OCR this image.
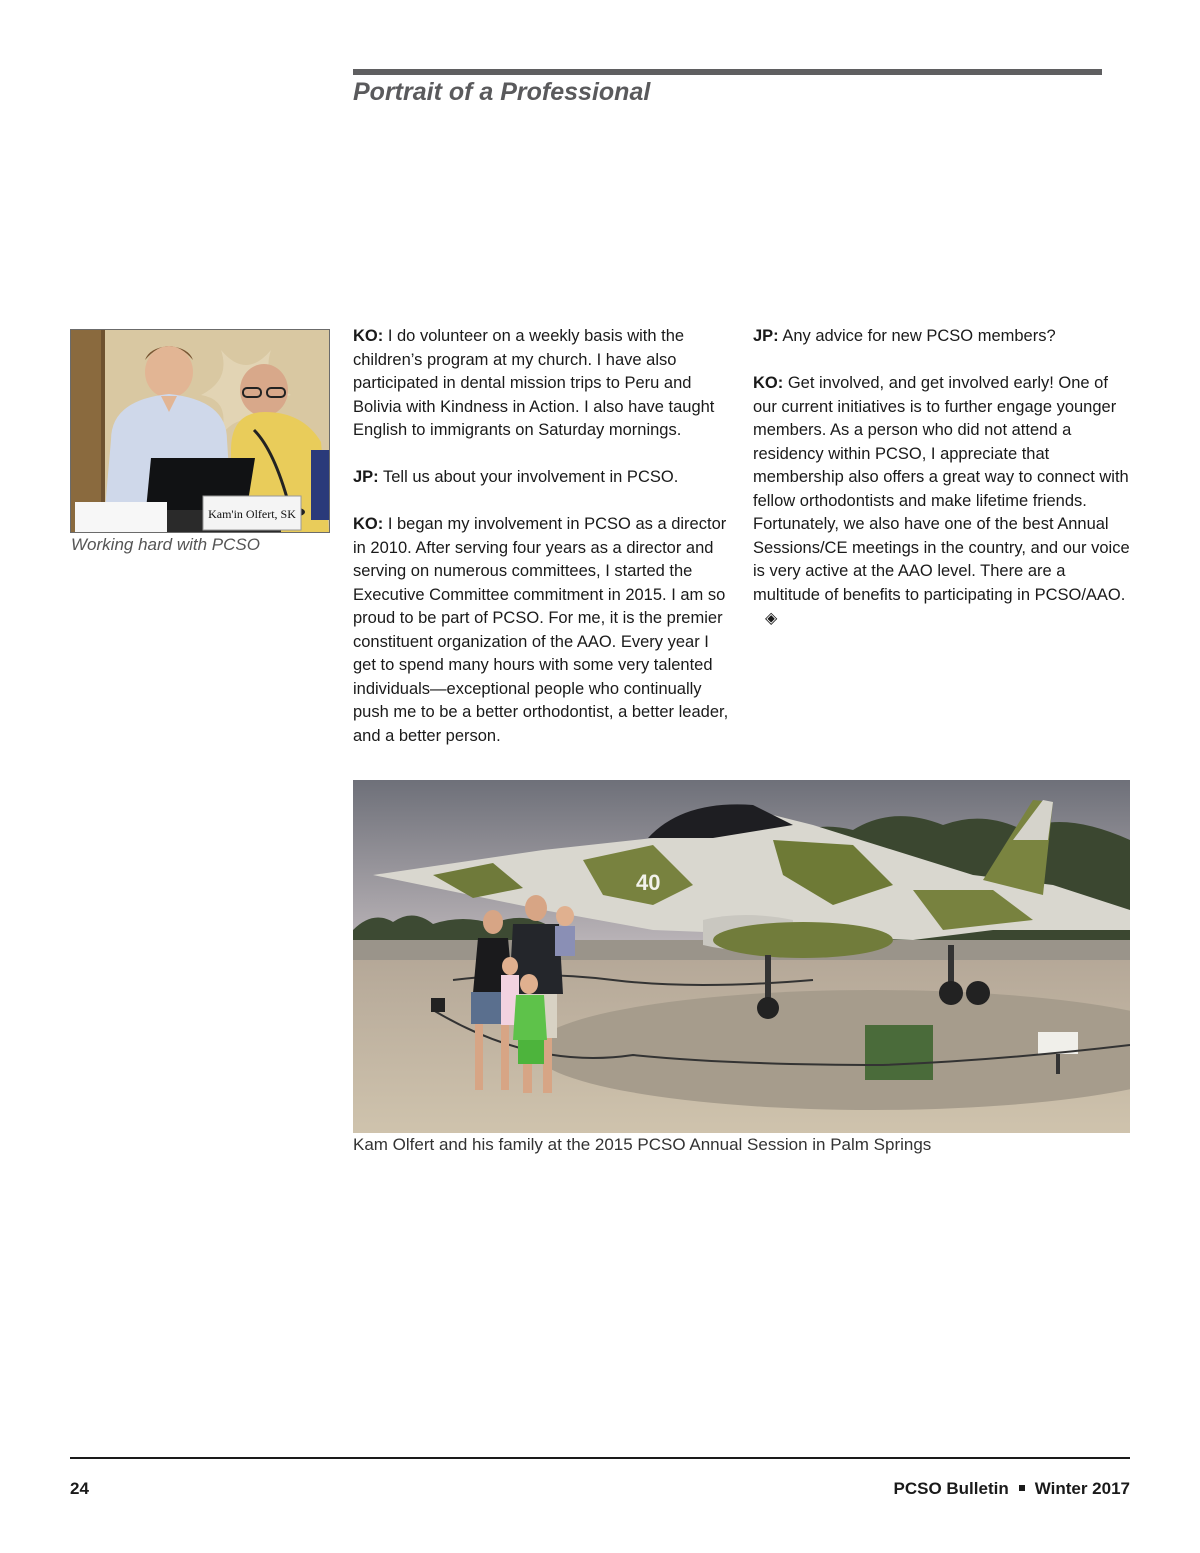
Portrait of a Professional
Kam'in Olfert, SK
Working hard with PCSO

KO: I do volunteer on a weekly basis with the children’s program at my church. I have also participated in dental mission trips to Peru and Bolivia with Kindness in Action. I also have taught English to immigrants on Saturday mornings.

JP: Tell us about your involvement in PCSO.

KO: I began my involvement in PCSO as a director in 2010. After serving four years as a director and serving on numerous committees, I started the Executive Committee commitment in 2015. I am so proud to be part of PCSO. For me, it is the premier constituent organization of the AAO. Every year I get to spend many hours with some very talented individuals—exceptional people who continually push me to be a better orthodontist, a better leader, and a better person.

JP: Any advice for new PCSO members?

KO: Get involved, and get involved early! One of our current initiatives is to further engage younger members. As a person who did not attend a residency within PCSO, I appreciate that membership also offers a great way to connect with fellow orthodontists and make lifetime friends. Fortunately, we also have one of the best Annual Sessions/CE meetings in the country, and our voice is very active at the AAO level. There are a multitude of benefits to participating in PCSO/AAO.◈

40
Kam Olfert and his family at the 2015 PCSO Annual Session in Palm Springs
24	PCSO Bulletin Winter 2017
